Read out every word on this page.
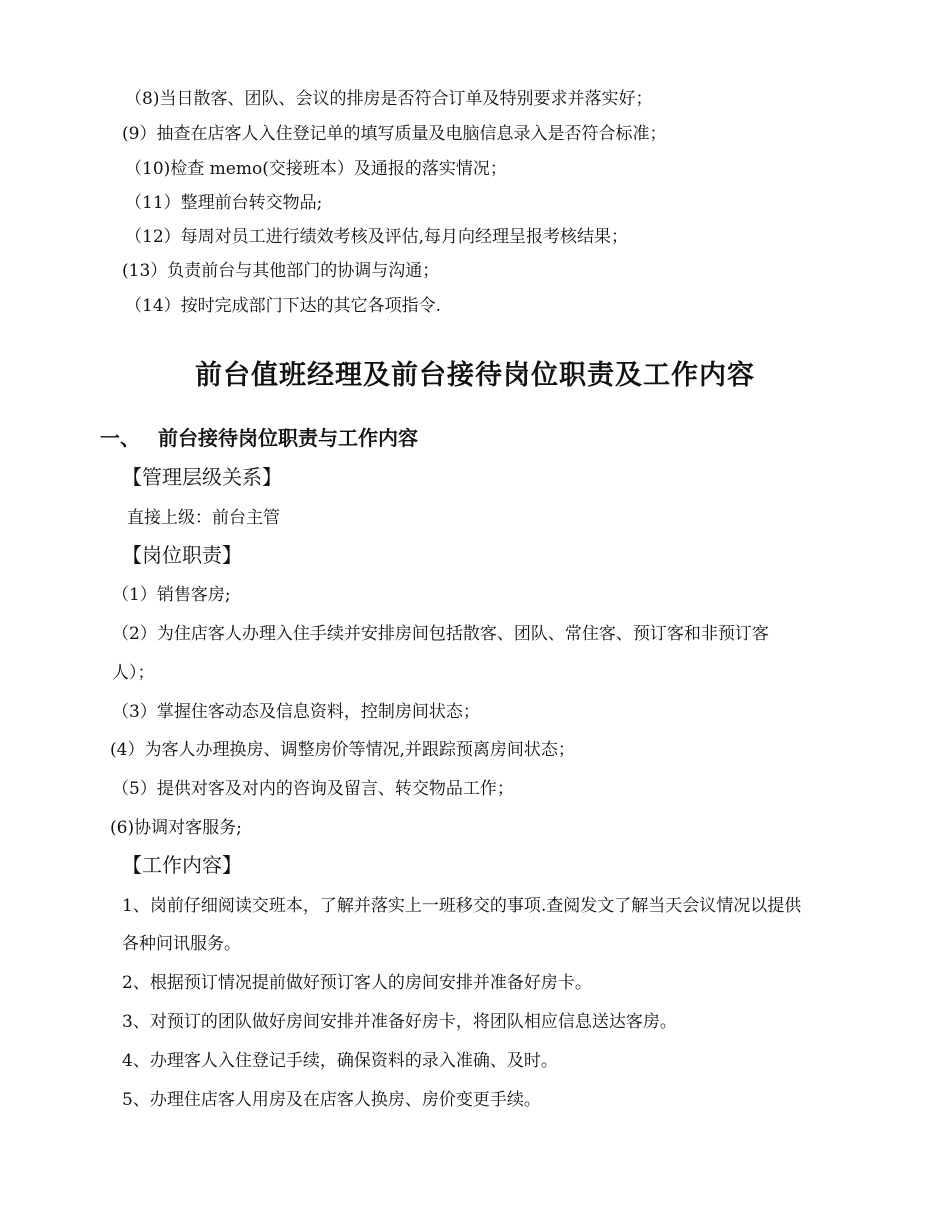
（8)当日散客、团队、会议的排房是否符合订单及特别要求并落实好；
(9）抽查在店客人入住登记单的填写质量及电脑信息录入是否符合标准；
（10)检查 memo(交接班本）及通报的落实情况；
（11）整理前台转交物品;
（12）每周对员工进行绩效考核及评估,每月向经理呈报考核结果；
(13）负责前台与其他部门的协调与沟通；
（14）按时完成部门下达的其它各项指令.
前台值班经理及前台接待岗位职责及工作内容
一、 前台接待岗位职责与工作内容
【管理层级关系】
直接上级：前台主管
【岗位职责】
（1）销售客房;
（2）为住店客人办理入住手续并安排房间包括散客、团队、常住客、预订客和非预订客
人）；
（3）掌握住客动态及信息资料，控制房间状态；
(4）为客人办理换房、调整房价等情况,并跟踪预离房间状态；
（5）提供对客及对内的咨询及留言、转交物品工作；
(6)协调对客服务;
【工作内容】
1、岗前仔细阅读交班本，了解并落实上一班移交的事项.查阅发文了解当天会议情况以提供
各种问讯服务。
2、根据预订情况提前做好预订客人的房间安排并准备好房卡。
3、对预订的团队做好房间安排并准备好房卡，将团队相应信息送达客房。
4、办理客人入住登记手续，确保资料的录入准确、及时。
5、办理住店客人用房及在店客人换房、房价变更手续。
